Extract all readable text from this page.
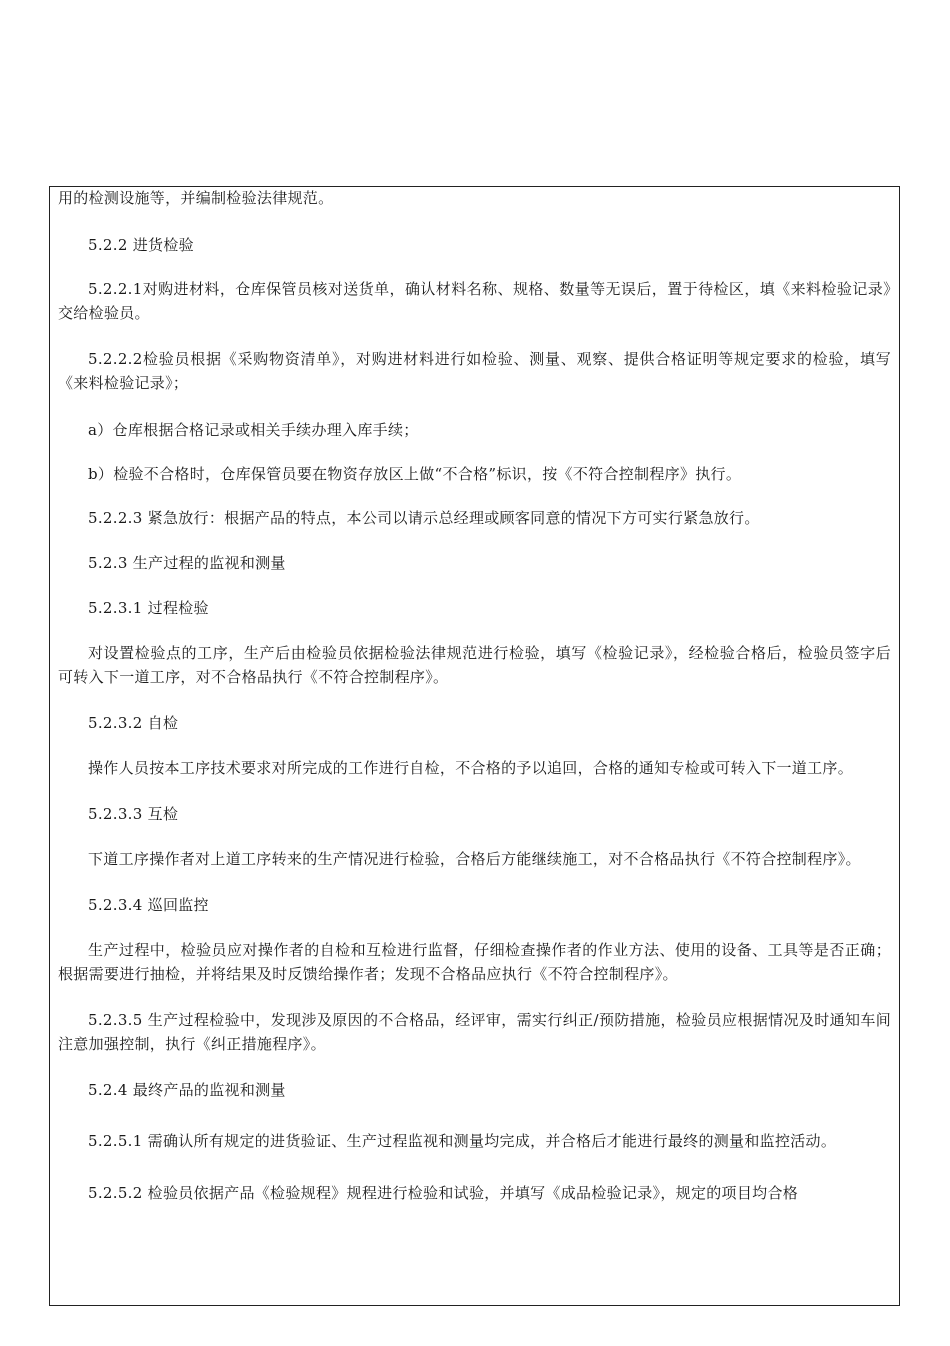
用的检测设施等，并编制检验法律规范。

5.2.2 进货检验

5.2.2.1对购进材料，仓库保管员核对送货单，确认材料名称、规格、数量等无误后，置于待检区，填《来料检验记录》交给检验员。

5.2.2.2检验员根据《采购物资清单》，对购进材料进行如检验、测量、观察、提供合格证明等规定要求的检验，填写《来料检验记录》；

a）仓库根据合格记录或相关手续办理入库手续；

b）检验不合格时，仓库保管员要在物资存放区上做“不合格”标识，按《不符合控制程序》执行。

5.2.2.3 紧急放行：根据产品的特点，本公司以请示总经理或顾客同意的情况下方可实行紧急放行。

5.2.3 生产过程的监视和测量

5.2.3.1 过程检验

对设置检验点的工序，生产后由检验员依据检验法律规范进行检验，填写《检验记录》，经检验合格后，检验员签字后可转入下一道工序，对不合格品执行《不符合控制程序》。

5.2.3.2 自检

操作人员按本工序技术要求对所完成的工作进行自检，不合格的予以追回，合格的通知专检或可转入下一道工序。

5.2.3.3 互检

下道工序操作者对上道工序转来的生产情况进行检验，合格后方能继续施工，对不合格品执行《不符合控制程序》。

5.2.3.4 巡回监控

生产过程中，检验员应对操作者的自检和互检进行监督，仔细检查操作者的作业方法、使用的设备、工具等是否正确；根据需要进行抽检，并将结果及时反馈给操作者；发现不合格品应执行《不符合控制程序》。

5.2.3.5 生产过程检验中，发现涉及原因的不合格品，经评审，需实行纠正/预防措施，检验员应根据情况及时通知车间注意加强控制，执行《纠正措施程序》。

5.2.4 最终产品的监视和测量

5.2.5.1 需确认所有规定的进货验证、生产过程监视和测量均完成，并合格后才能进行最终的测量和监控活动。

5.2.5.2 检验员依据产品《检验规程》规程进行检验和试验，并填写《成品检验记录》，规定的项目均合格
